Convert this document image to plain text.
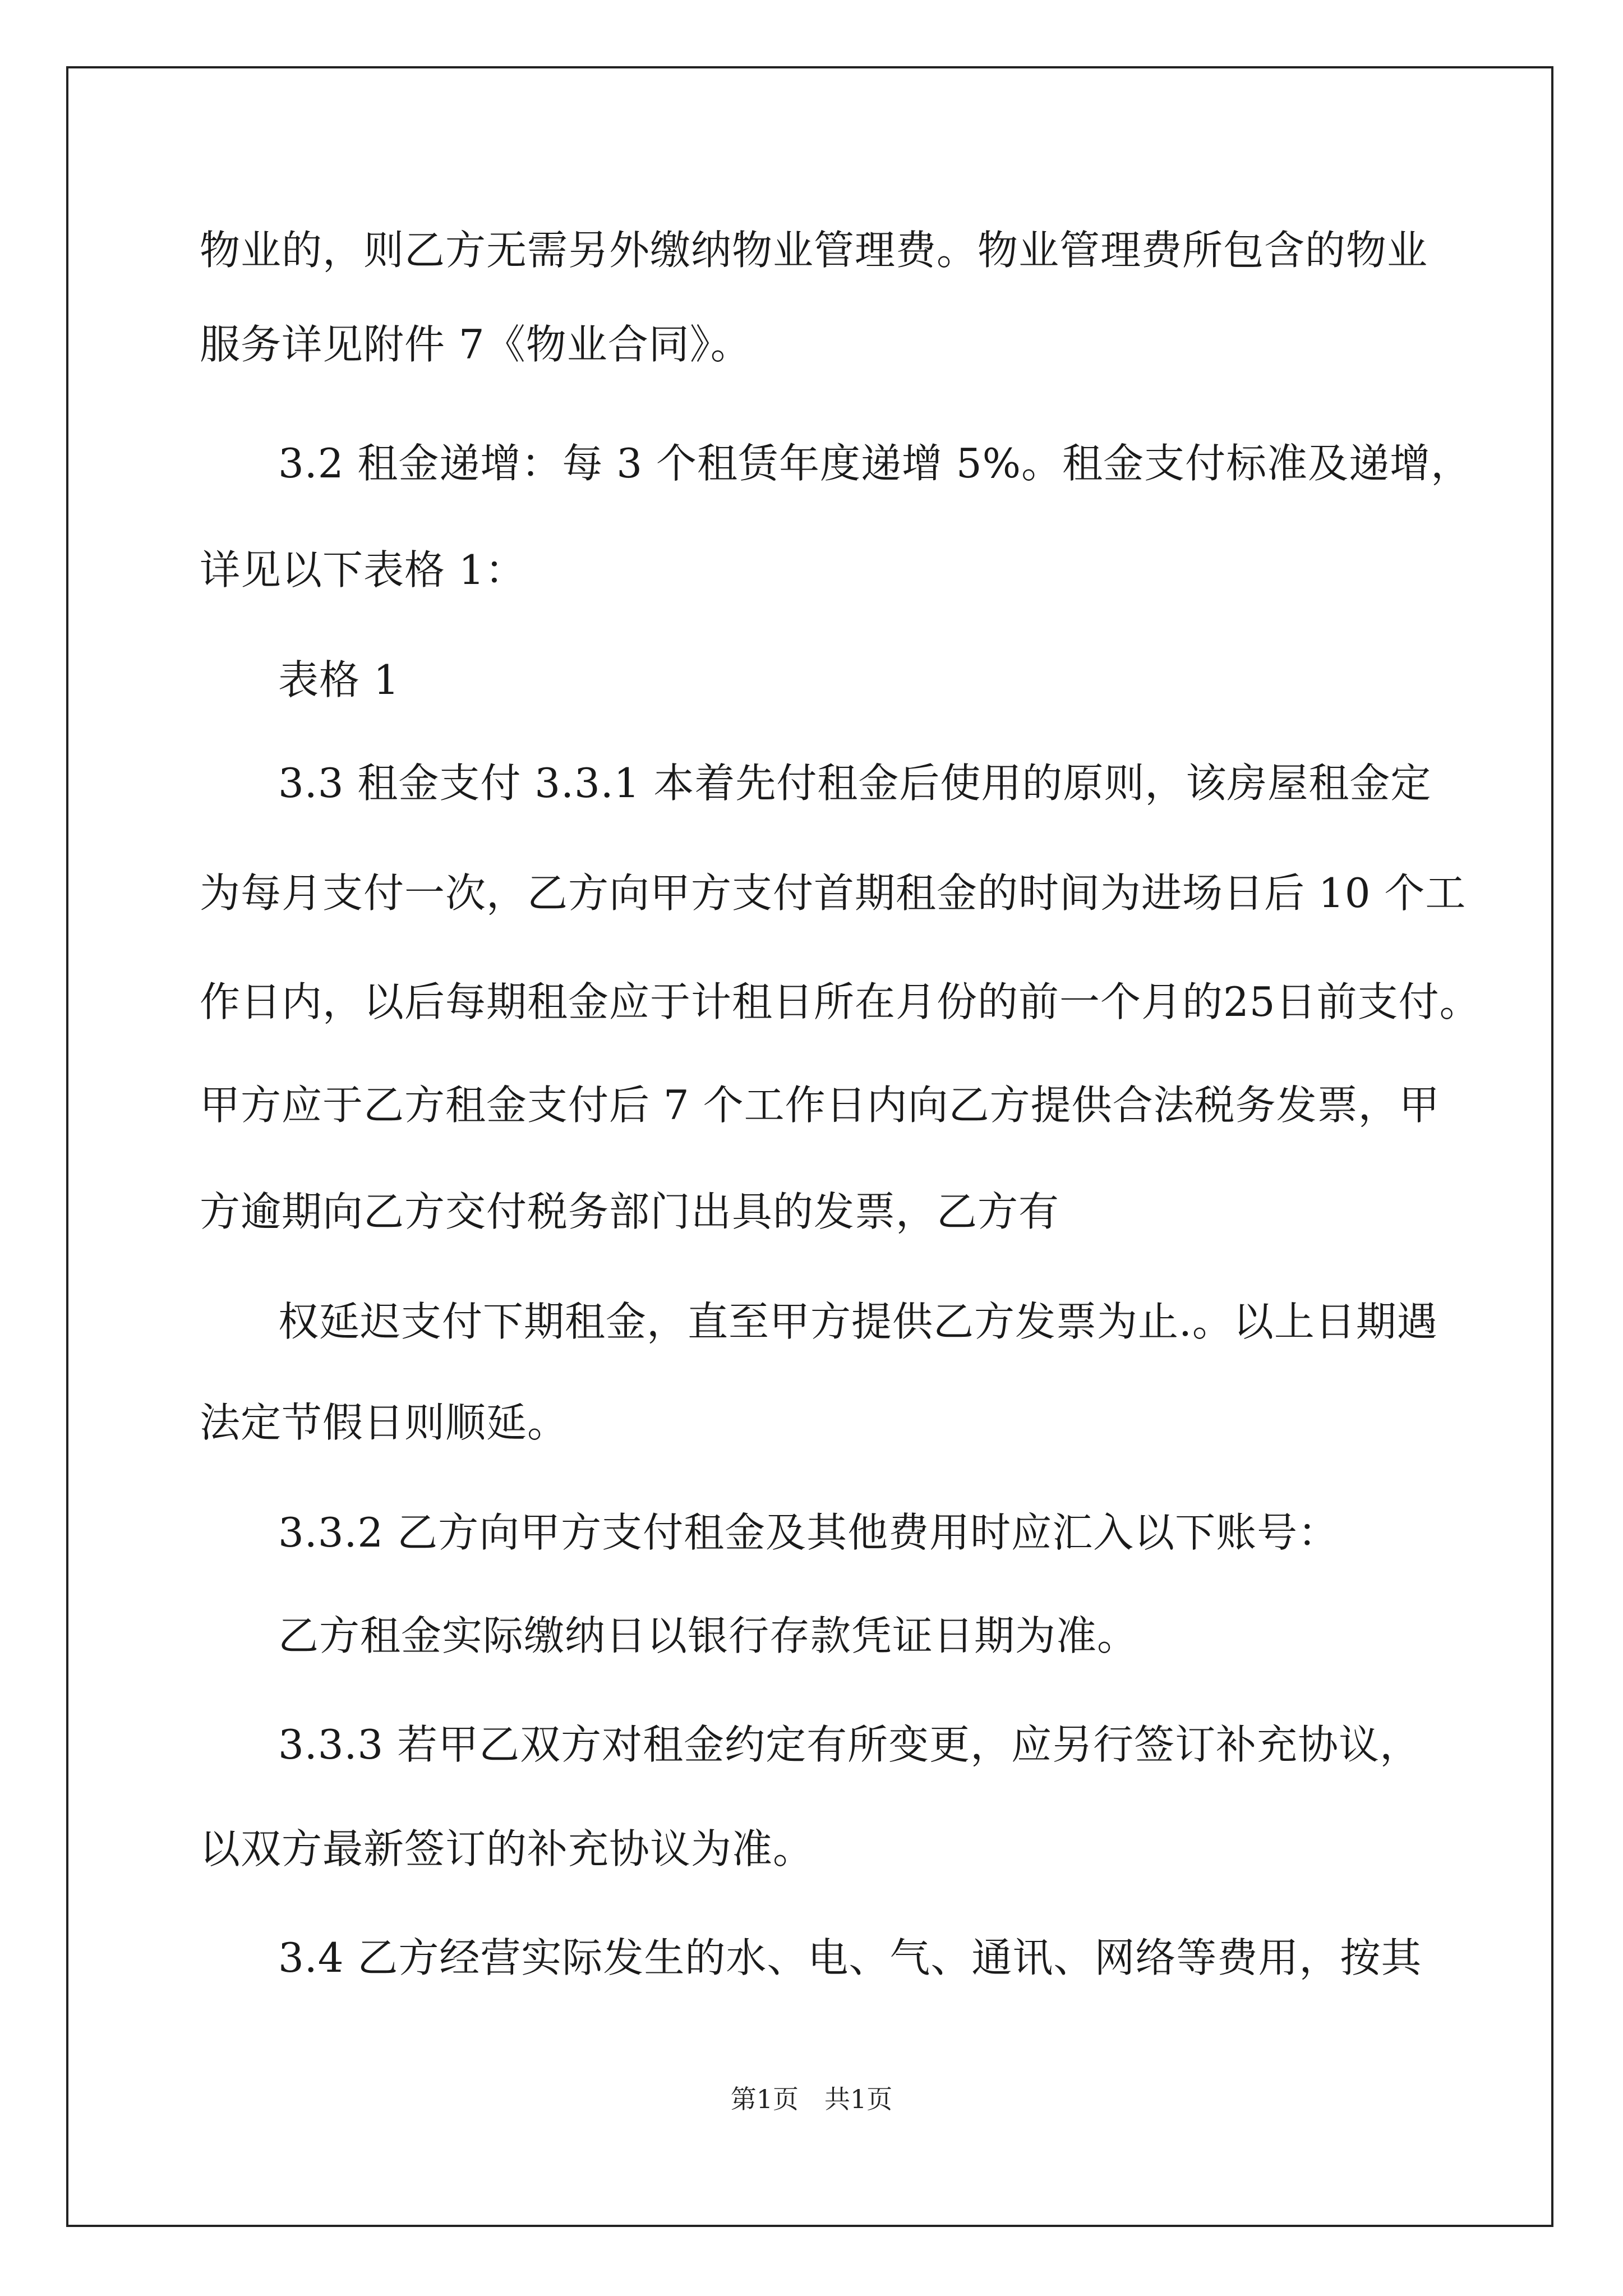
物业的，则乙方无需另外缴纳物业管理费。物业管理费所包含的物业
服务详见附件 7《物业合同》。
3.2 租金递增：每 3 个租赁年度递增 5%。租金支付标准及递增，
详见以下表格 1：
表格 1
3.3 租金支付 3.3.1 本着先付租金后使用的原则，该房屋租金定
为每月支付一次，乙方向甲方支付首期租金的时间为进场日后 10 个工
作日内，以后每期租金应于计租日所在月份的前一个月的25日前支付。
甲方应于乙方租金支付后 7 个工作日内向乙方提供合法税务发票，甲
方逾期向乙方交付税务部门出具的发票，乙方有
权延迟支付下期租金，直至甲方提供乙方发票为止.。以上日期遇
法定节假日则顺延。
3.3.2 乙方向甲方支付租金及其他费用时应汇入以下账号：
乙方租金实际缴纳日以银行存款凭证日期为准。
3.3.3 若甲乙双方对租金约定有所变更，应另行签订补充协议，
以双方最新签订的补充协议为准。
3.4 乙方经营实际发生的水、电、气、通讯、网络等费用，按其
第1页　共1页
